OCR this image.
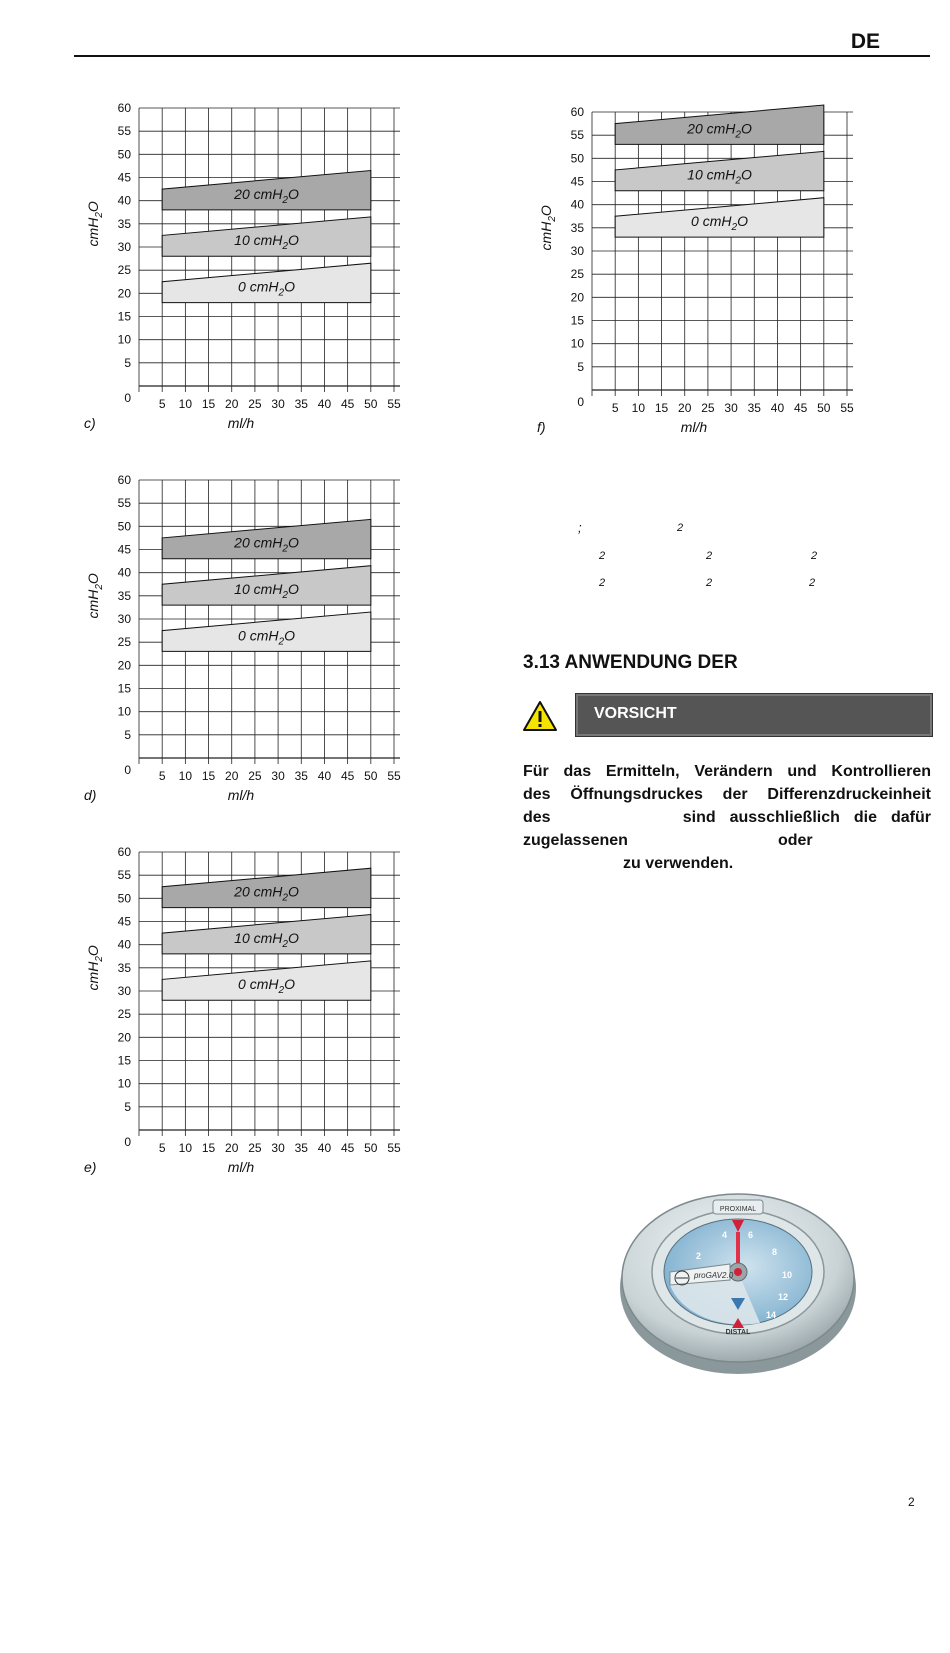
DE
0 cmH$_2$O
10 cmH$_2$O
20 cmH$_2$O
60
55
50
45
40
35
30
25
20
15
10
5
0 5 10 15 20 25 30 35 40 45 50 55
cmH$_2$O
ml/h
c)
0 cmH$_2$O
10 cmH$_2$O
20 cmH$_2$O
60
55
50
45
40
35
30
25
20
15
10
5
0 5 10 15 20 25 30 35 40 45 50 55
cmH$_2$O
ml/h
d)
0 cmH$_2$O
10 cmH$_2$O
20 cmH$_2$O
60
55
50
45
40
35
30
25
20
15
10
5
0 5 10 15 20 25 30 35 40 45 50 55
cmH$_2$O
ml/h
e)
0 cmH$_2$O
10 cmH$_2$O
20 cmH$_2$O
60
55
50
45
40
35
30
25
20
15
10
5
0 5 10 15 20 25 30 35 40 45 50 55
cmH$_2$O
ml/h
f)
;	2
2	2	2
2	2	2
3.13 ANWENDUNG DER
VORSICHT
Für das Ermitteln, Verändern und Kontrollieren
des Öffnungsdruckes der Differenzdruckeinheit
des	sind ausschließlich die dafür
zugelassenen	oder
zu verwenden.
PROXIMAL
DISTAL
2
4 6
8
10
12
14
proGAV2.0
2
